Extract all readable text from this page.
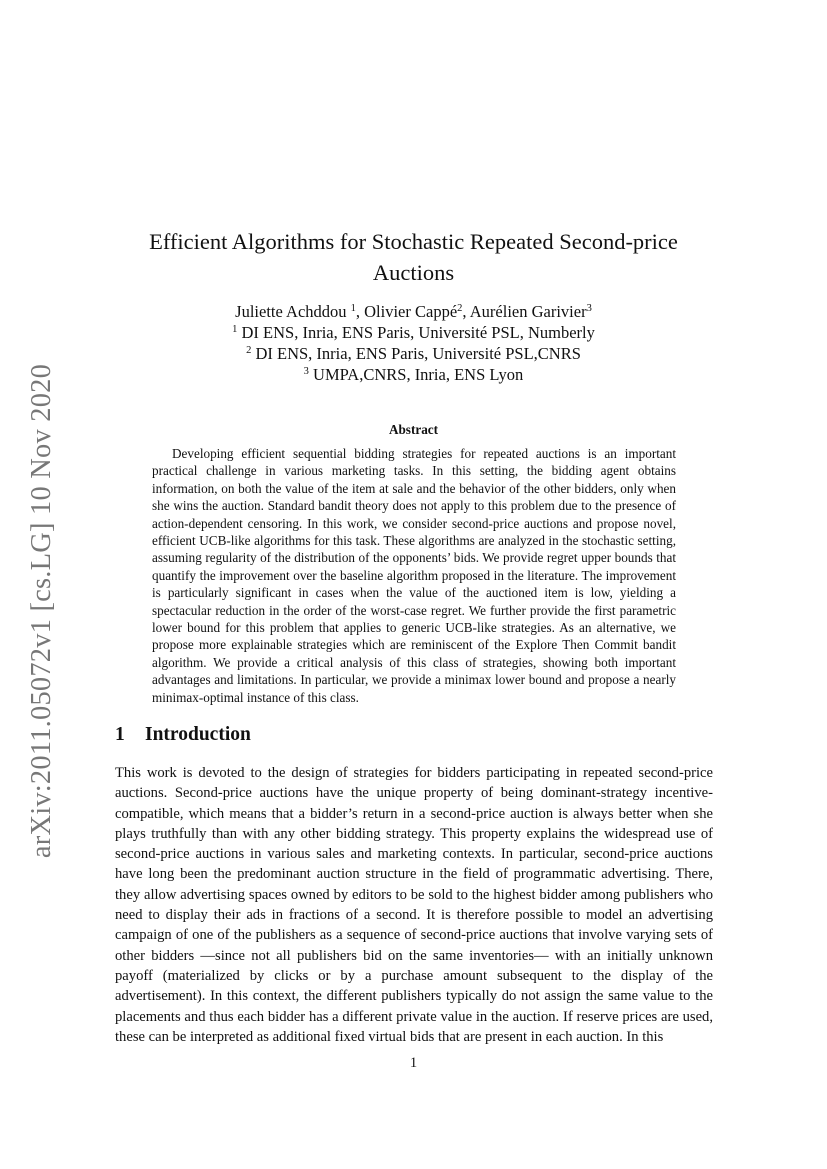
arXiv:2011.05072v1 [cs.LG] 10 Nov 2020
Efficient Algorithms for Stochastic Repeated Second-price
Auctions
Juliette Achddou $^1$, Olivier Cappé$^2$, Aurélien Garivier$^3$
$^1$ DI ENS, Inria, ENS Paris, Université PSL, Numberly
$^2$ DI ENS, Inria, ENS Paris, Université PSL,CNRS
$^3$ UMPA,CNRS, Inria, ENS Lyon
Abstract
Developing efficient sequential bidding strategies for repeated auctions is an important practical challenge in various marketing tasks. In this setting, the bidding agent obtains information, on both the value of the item at sale and the behavior of the other bidders, only when she wins the auction. Standard bandit theory does not apply to this problem due to the presence of action-dependent censoring. In this work, we consider second-price auctions and propose novel, efficient UCB-like algorithms for this task. These algorithms are analyzed in the stochastic setting, assuming regularity of the distribution of the opponents’ bids. We provide regret upper bounds that quantify the improvement over the baseline algorithm proposed in the literature. The improvement is particularly significant in cases when the value of the auctioned item is low, yielding a spectacular reduction in the order of the worst-case regret. We further provide the first parametric lower bound for this problem that applies to generic UCB-like strategies. As an alternative, we propose more explainable strategies which are reminiscent of the Explore Then Commit bandit algorithm. We provide a critical analysis of this class of strategies, showing both important advantages and limitations. In particular, we provide a minimax lower bound and propose a nearly minimax-optimal instance of this class.
1 Introduction
This work is devoted to the design of strategies for bidders participating in repeated second-price auctions. Second-price auctions have the unique property of being dominant-strategy incentive-compatible, which means that a bidder’s return in a second-price auction is always better when she plays truthfully than with any other bidding strategy. This property explains the widespread use of second-price auctions in various sales and marketing contexts. In particular, second-price auctions have long been the predominant auction structure in the field of programmatic advertising. There, they allow advertising spaces owned by editors to be sold to the highest bidder among publishers who need to display their ads in fractions of a second. It is therefore possible to model an advertising campaign of one of the publishers as a sequence of second-price auctions that involve varying sets of other bidders —since not all publishers bid on the same inventories— with an initially unknown payoff (materialized by clicks or by a purchase amount subsequent to the display of the advertisement). In this context, the different publishers typically do not assign the same value to the placements and thus each bidder has a different private value in the auction. If reserve prices are used, these can be interpreted as additional fixed virtual bids that are present in each auction. In this
1
